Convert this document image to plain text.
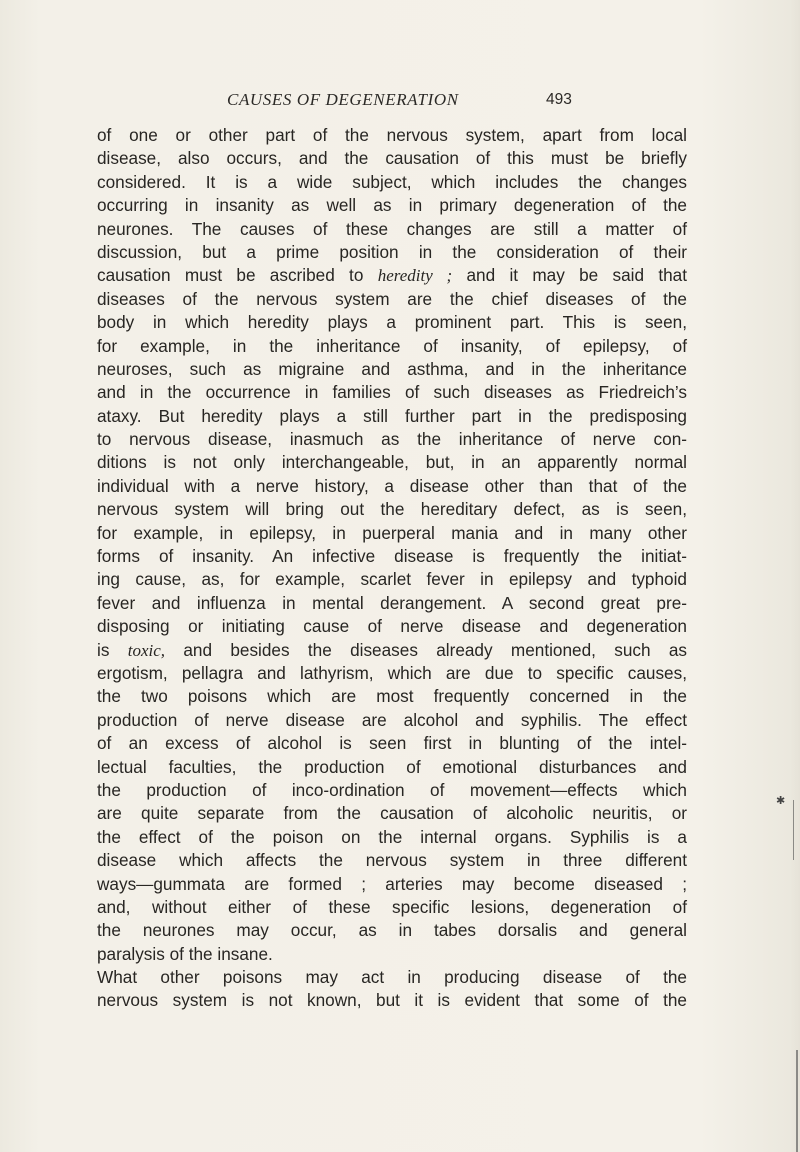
CAUSES OF DEGENERATION	493
of one or other part of the nervous system, apart from local
disease, also occurs, and the causation of this must be briefly
considered. It is a wide subject, which includes the changes
occurring in insanity as well as in primary degeneration of the
neurones. The causes of these changes are still a matter of
discussion, but a prime position in the consideration of their
causation must be ascribed to heredity ; and it may be said that
diseases of the nervous system are the chief diseases of the
body in which heredity plays a prominent part. This is seen,
for example, in the inheritance of insanity, of epilepsy, of
neuroses, such as migraine and asthma, and in the inheritance
and in the occurrence in families of such diseases as Friedreich’s
ataxy. But heredity plays a still further part in the predisposing
to nervous disease, inasmuch as the inheritance of nerve con-
ditions is not only interchangeable, but, in an apparently normal
individual with a nerve history, a disease other than that of the
nervous system will bring out the hereditary defect, as is seen,
for example, in epilepsy, in puerperal mania and in many other
forms of insanity. An infective disease is frequently the initiat-
ing cause, as, for example, scarlet fever in epilepsy and typhoid
fever and influenza in mental derangement. A second great pre-
disposing or initiating cause of nerve disease and degeneration
is toxic, and besides the diseases already mentioned, such as
ergotism, pellagra and lathyrism, which are due to specific causes,
the two poisons which are most frequently concerned in the
production of nerve disease are alcohol and syphilis. The effect
of an excess of alcohol is seen first in blunting of the intel-
lectual faculties, the production of emotional disturbances and
the production of inco-ordination of movement—effects which
are quite separate from the causation of alcoholic neuritis, or
the effect of the poison on the internal organs. Syphilis is a
disease which affects the nervous system in three different
ways—gummata are formed ; arteries may become diseased ;
and, without either of these specific lesions, degeneration of
the neurones may occur, as in tabes dorsalis and general
paralysis of the insane.
What other poisons may act in producing disease of the
nervous system is not known, but it is evident that some of the
✱
